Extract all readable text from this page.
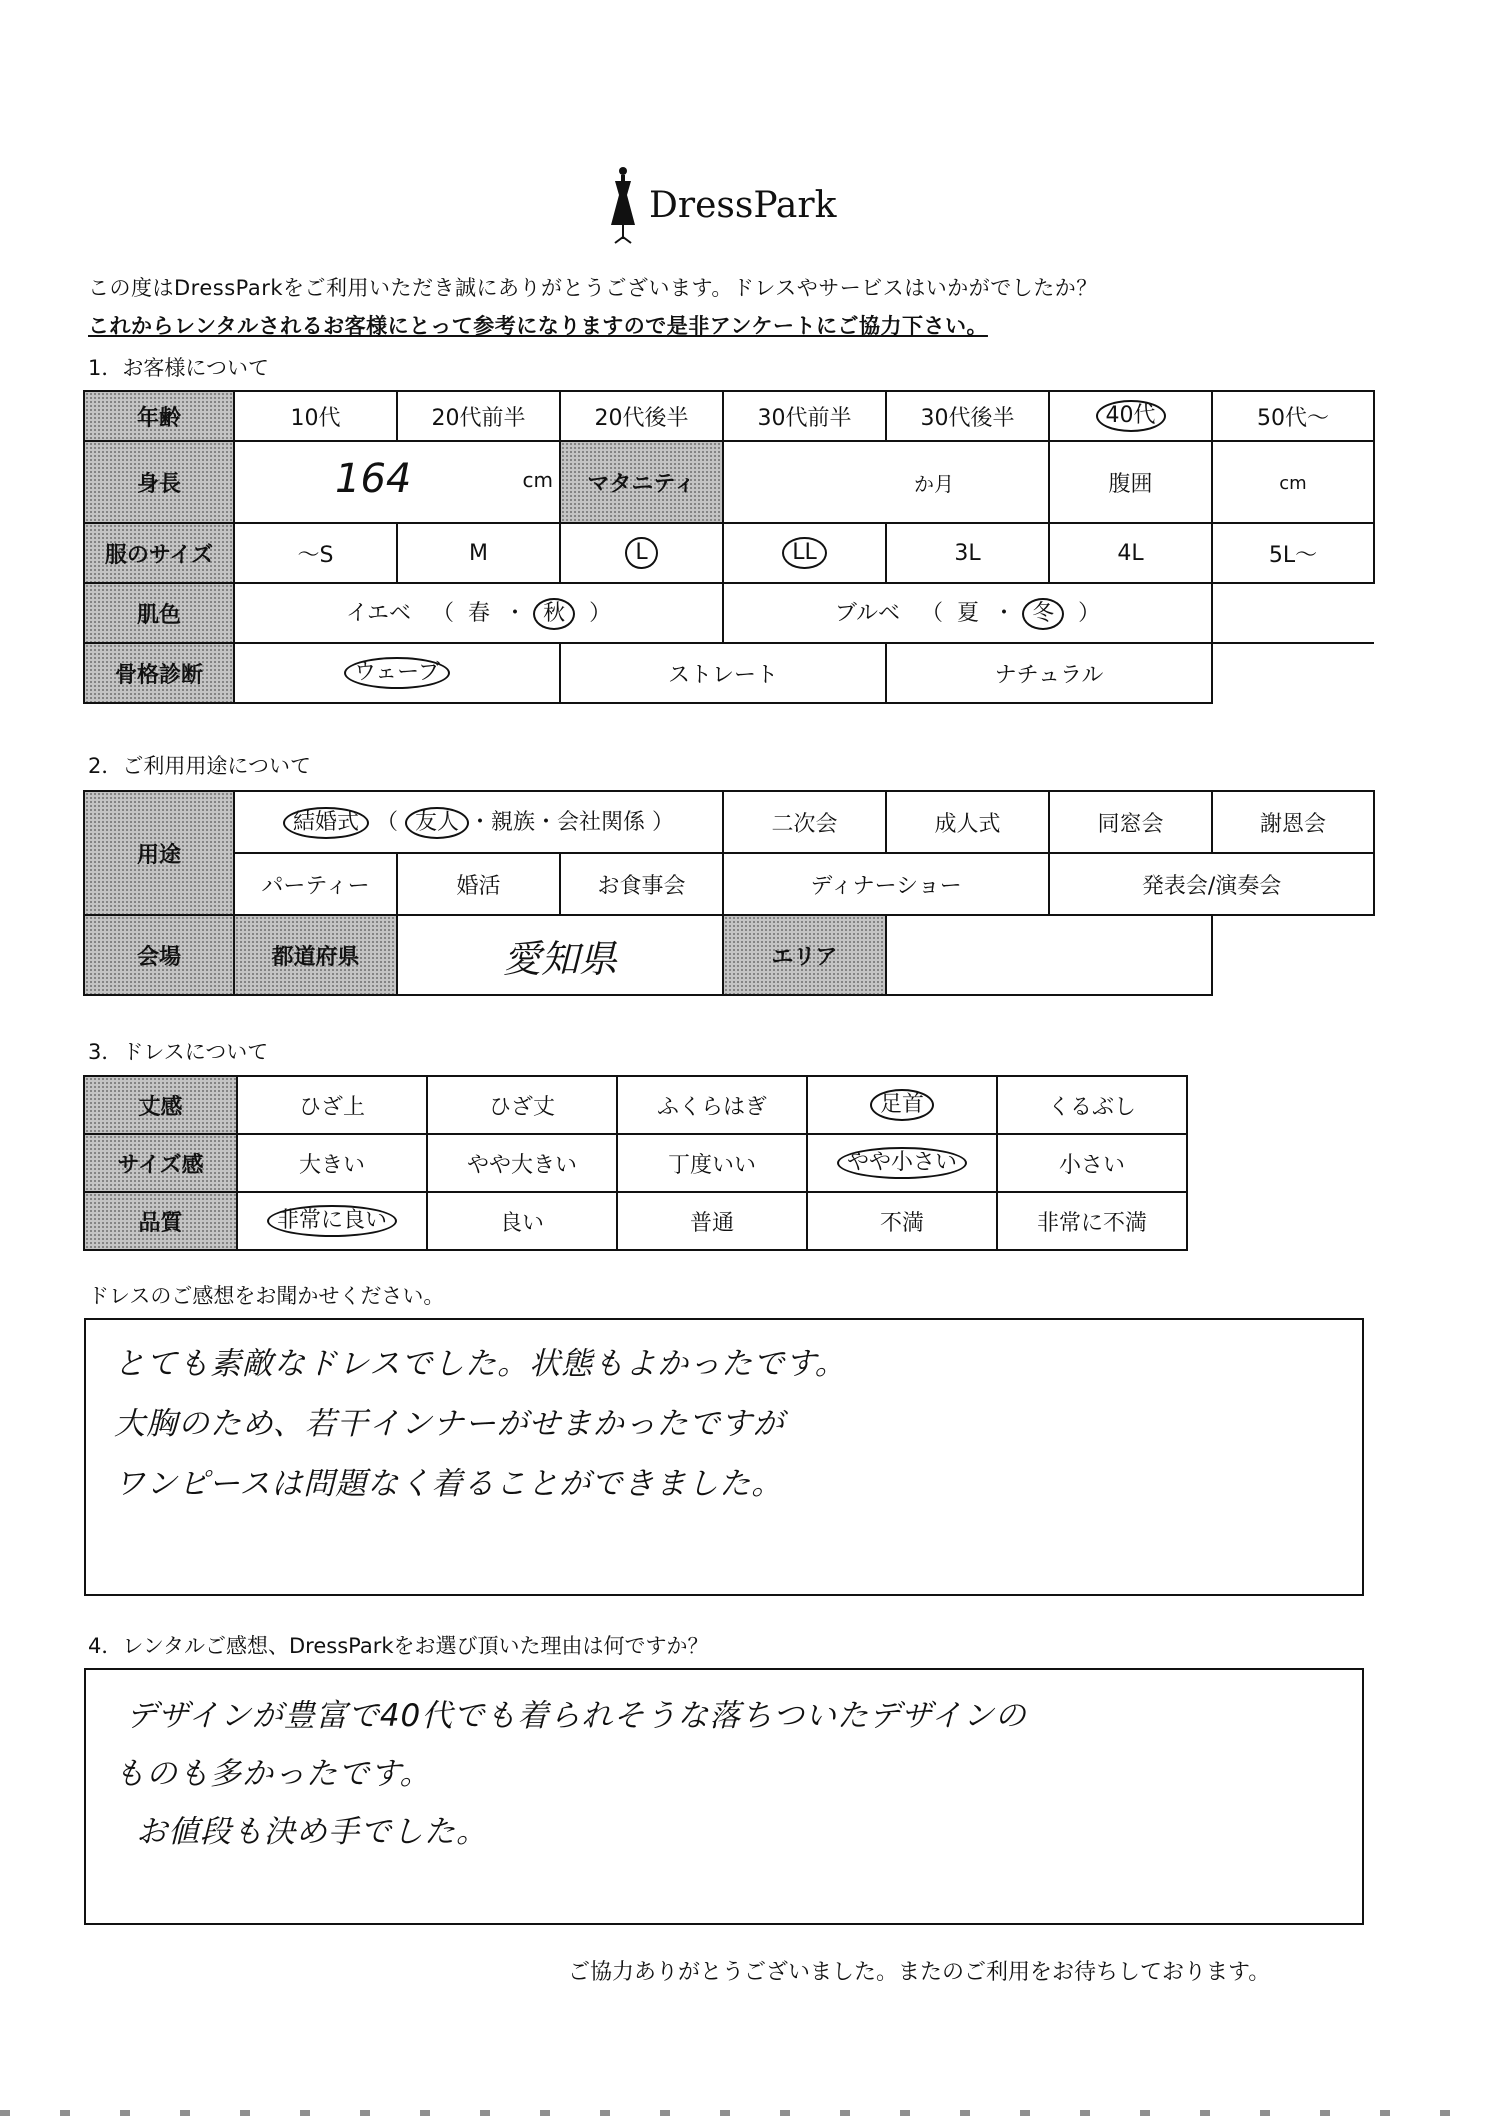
DressPark
この度はDressParkをご利用いただき誠にありがとうございます。ドレスやサービスはいかがでしたか？
これからレンタルされるお客様にとって参考になりますので是非アンケートにご協力下さい。
1．お客様について
年齢	10代	20代前半	20代後半	30代前半	30代後半	40代	50代～
身長	164 cm		マタニティ	か月		腹囲	cm
服のサイズ	～S	M	L	LL	3L	4L	5L～
肌色	イエベ （ 春 ・ 秋 ）			ブルベ （ 夏 ・ 冬 ）			
骨格診断	ウェーブ		ストレート		ナチュラル		
2．ご利用用途について
用途	結婚式 （ 友人 ・親族・会社関係 ）			二次会	成人式	同窓会	謝恩会
	パーティー	婚活	お食事会	ディナーショー		発表会/演奏会	
会場	都道府県	愛知県		エリア			
3．ドレスについて
丈感	ひざ上	ひざ丈	ふくらはぎ	足首	くるぶし
サイズ感	大きい	やや大きい	丁度いい	やや小さい	小さい
品質	非常に良い	良い	普通	不満	非常に不満
ドレスのご感想をお聞かせください。
とても素敵なドレスでした。状態もよかったです。
大胸のため、若干インナーがせまかったですが
ワンピースは問題なく着ることができました。
4．レンタルご感想、DressParkをお選び頂いた理由は何ですか？
デザインが豊富で40代でも着られそうな落ちついたデザインの
ものも多かったです。
お値段も決め手でした。
ご協力ありがとうございました。またのご利用をお待ちしております。
